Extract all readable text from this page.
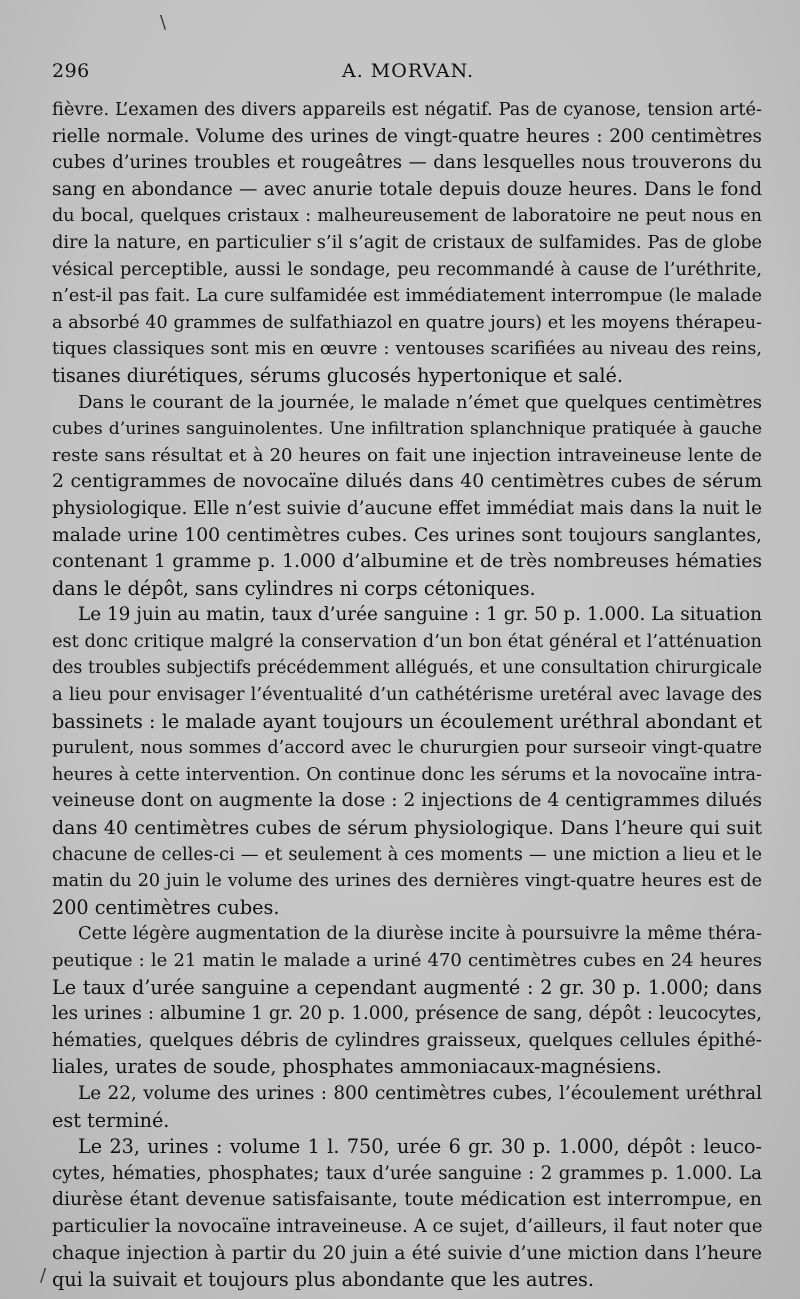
\
/
296	A. MORVAN.

fièvre. L’examen des divers appareils est négatif. Pas de cyanose, tension arté-
rielle normale. Volume des urines de vingt-quatre heures : 200 centimètres
cubes d’urines troubles et rougeâtres — dans lesquelles nous trouverons du
sang en abondance — avec anurie totale depuis douze heures. Dans le fond
du bocal, quelques cristaux : malheureusement de laboratoire ne peut nous en
dire la nature, en particulier s’il s’agit de cristaux de sulfamides. Pas de globe
vésical perceptible, aussi le sondage, peu recommandé à cause de l’uréthrite,
n’est-il pas fait. La cure sulfamidée est immédiatement interrompue (le malade
a absorbé 40 grammes de sulfathiazol en quatre jours) et les moyens thérapeu-
tiques classiques sont mis en œuvre : ventouses scarifiées au niveau des reins,
tisanes diurétiques, sérums glucosés hypertonique et salé.

Dans le courant de la journée, le malade n’émet que quelques centimètres
cubes d’urines sanguinolentes. Une infiltration splanchnique pratiquée à gauche
reste sans résultat et à 20 heures on fait une injection intraveineuse lente de
2 centigrammes de novocaïne dilués dans 40 centimètres cubes de sérum
physiologique. Elle n’est suivie d’aucune effet immédiat mais dans la nuit le
malade urine 100 centimètres cubes. Ces urines sont toujours sanglantes,
contenant 1 gramme p. 1.000 d’albumine et de très nombreuses hématies
dans le dépôt, sans cylindres ni corps cétoniques.

Le 19 juin au matin, taux d’urée sanguine : 1 gr. 50 p. 1.000. La situation
est donc critique malgré la conservation d’un bon état général et l’atténuation
des troubles subjectifs précédemment allégués, et une consultation chirurgicale
a lieu pour envisager l’éventualité d’un cathétérisme uretéral avec lavage des
bassinets : le malade ayant toujours un écoulement uréthral abondant et
purulent, nous sommes d’accord avec le chururgien pour surseoir vingt-quatre
heures à cette intervention. On continue donc les sérums et la novocaïne intra-
veineuse dont on augmente la dose : 2 injections de 4 centigrammes dilués
dans 40 centimètres cubes de sérum physiologique. Dans l’heure qui suit
chacune de celles-ci — et seulement à ces moments — une miction a lieu et le
matin du 20 juin le volume des urines des dernières vingt-quatre heures est de
200 centimètres cubes.

Cette légère augmentation de la diurèse incite à poursuivre la même théra-
peutique : le 21 matin le malade a uriné 470 centimètres cubes en 24 heures
Le taux d’urée sanguine a cependant augmenté : 2 gr. 30 p. 1.000; dans
les urines : albumine 1 gr. 20 p. 1.000, présence de sang, dépôt : leucocytes,
hématies, quelques débris de cylindres graisseux, quelques cellules épithé-
liales, urates de soude, phosphates ammoniacaux-magnésiens.

Le 22, volume des urines : 800 centimètres cubes, l’écoulement uréthral
est terminé.

Le 23, urines : volume 1 l. 750, urée 6 gr. 30 p. 1.000, dépôt : leuco-
cytes, hématies, phosphates; taux d’urée sanguine : 2 grammes p. 1.000. La
diurèse étant devenue satisfaisante, toute médication est interrompue, en
particulier la novocaïne intraveineuse. A ce sujet, d’ailleurs, il faut noter que
chaque injection à partir du 20 juin a été suivie d’une miction dans l’heure
qui la suivait et toujours plus abondante que les autres.
